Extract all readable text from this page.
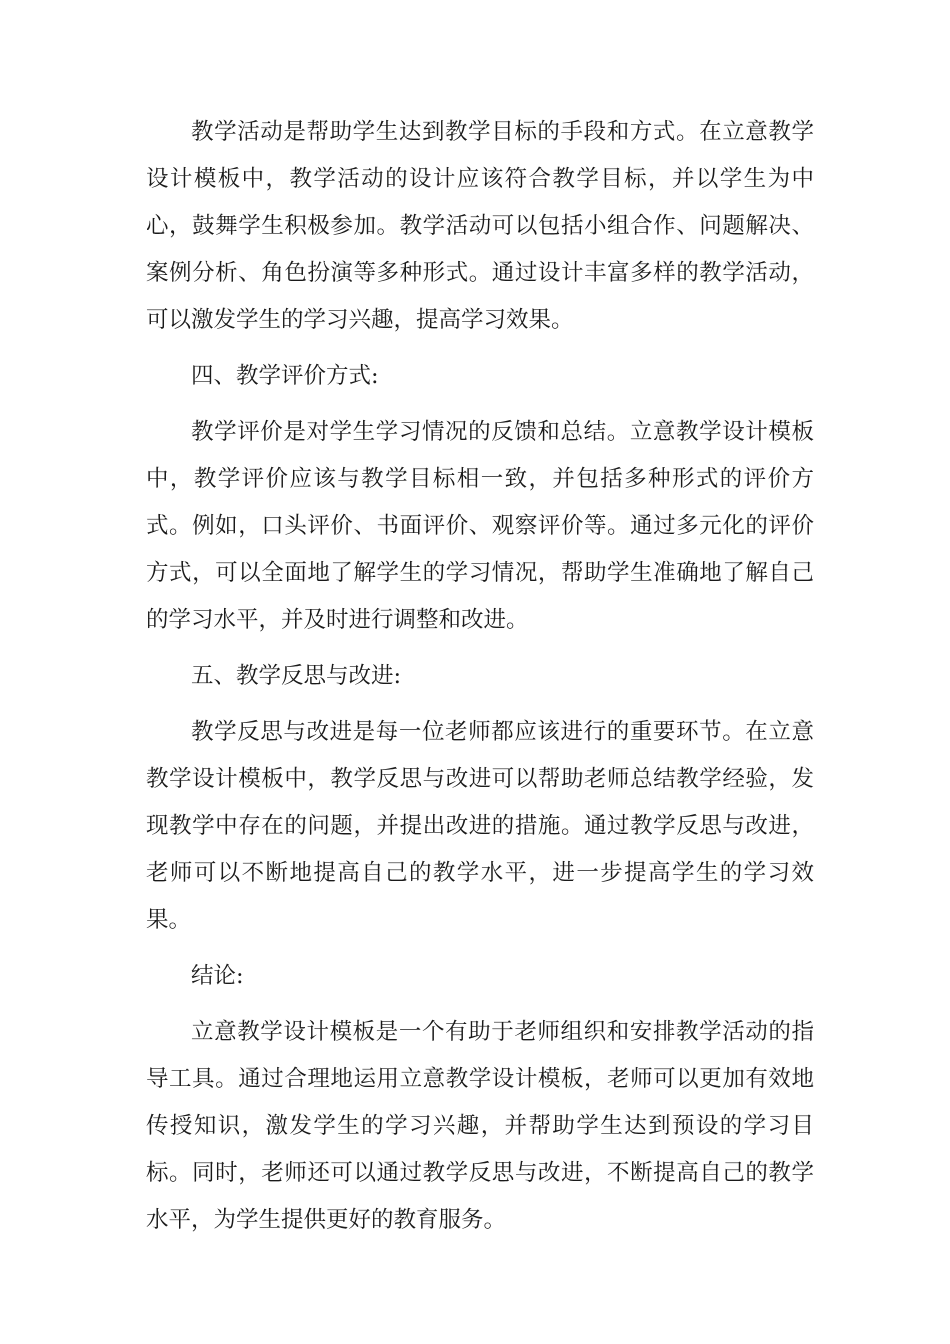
教学活动是帮助学生达到教学目标的手段和方式。在立意教学设计模板中，教学活动的设计应该符合教学目标，并以学生为中心，鼓舞学生积极参加。教学活动可以包括小组合作、问题解决、案例分析、角色扮演等多种形式。通过设计丰富多样的教学活动，可以激发学生的学习兴趣，提高学习效果。

四、教学评价方式:

教学评价是对学生学习情况的反馈和总结。立意教学设计模板中，教学评价应该与教学目标相一致，并包括多种形式的评价方式。例如，口头评价、书面评价、观察评价等。通过多元化的评价方式，可以全面地了解学生的学习情况，帮助学生准确地了解自己的学习水平，并及时进行调整和改进。

五、教学反思与改进:

教学反思与改进是每一位老师都应该进行的重要环节。在立意教学设计模板中，教学反思与改进可以帮助老师总结教学经验，发现教学中存在的问题，并提出改进的措施。通过教学反思与改进，老师可以不断地提高自己的教学水平，进一步提高学生的学习效果。

结论:

立意教学设计模板是一个有助于老师组织和安排教学活动的指导工具。通过合理地运用立意教学设计模板，老师可以更加有效地传授知识，激发学生的学习兴趣，并帮助学生达到预设的学习目标。同时，老师还可以通过教学反思与改进，不断提高自己的教学水平，为学生提供更好的教育服务。
